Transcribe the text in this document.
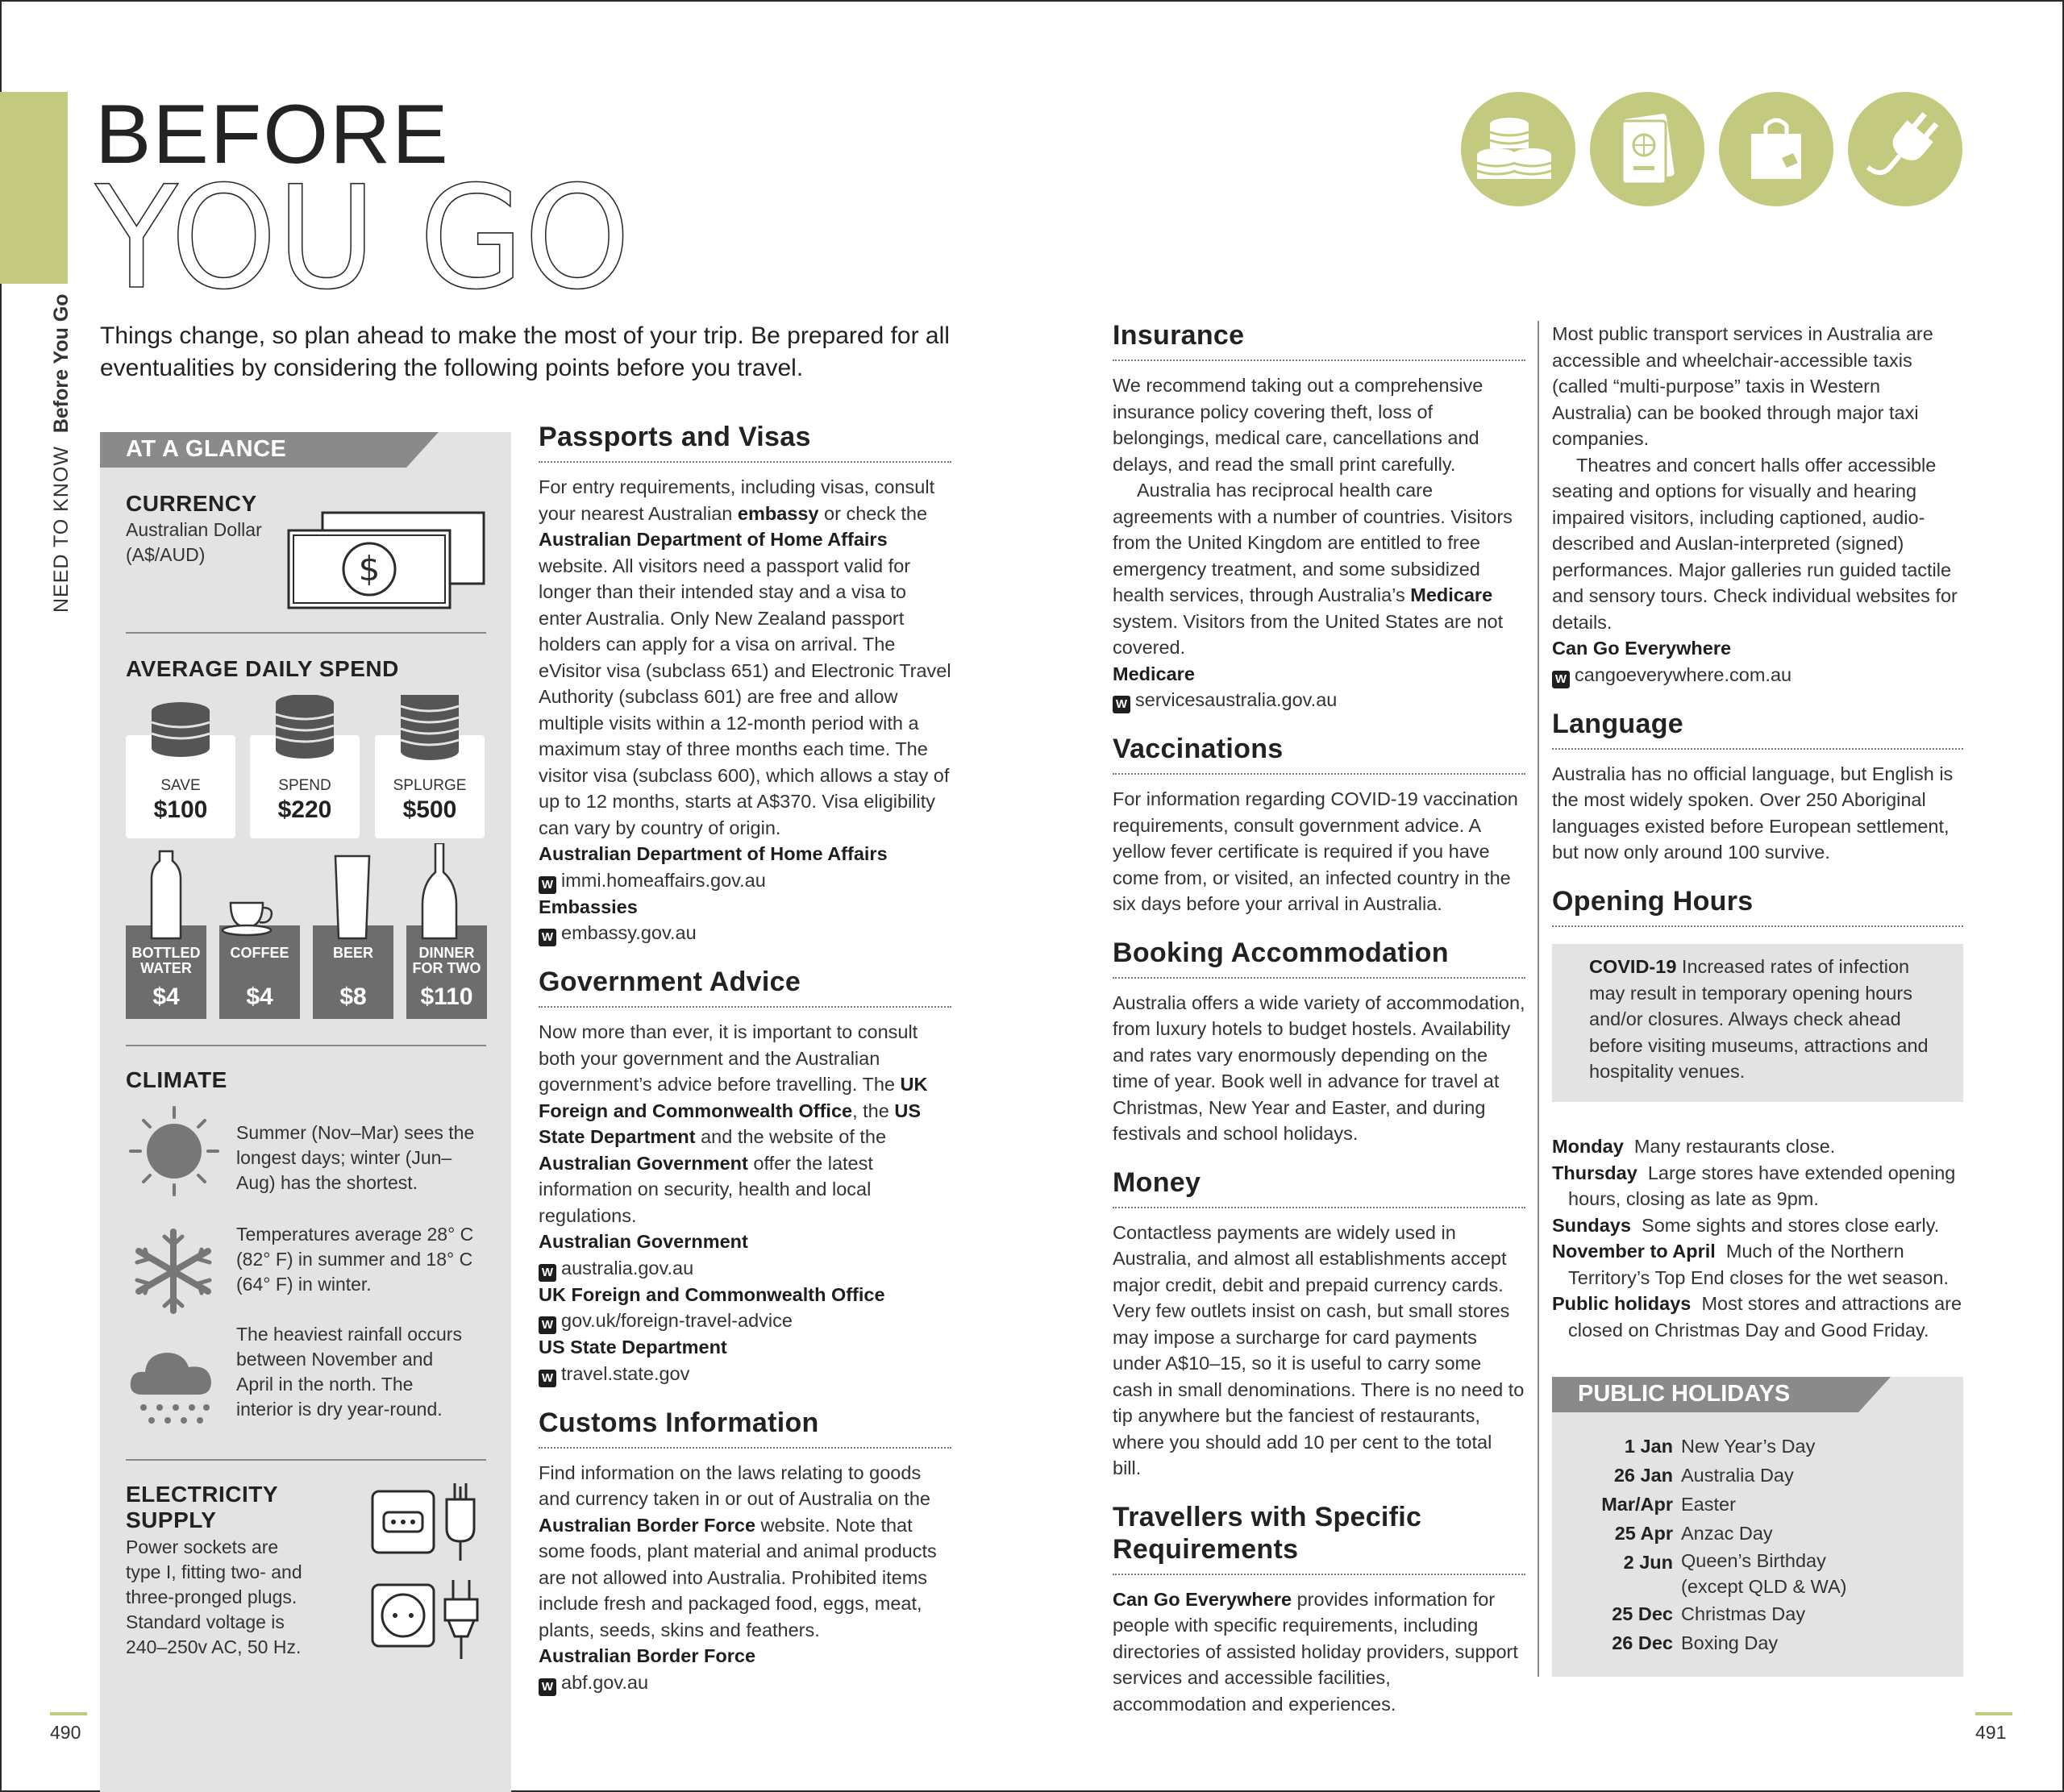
NEED TO KNOW  Before You Go
BEFORE
YOU GO
Things change, so plan ahead to make the most of your trip. Be prepared for all eventualities by considering the following points before you travel.
AT A GLANCE
CURRENCY
Australian Dollar
(A$/AUD)	$
AVERAGE DAILY SPEND
SAVE
$100
SPEND
$220
SPLURGE
$500
BOTTLED
WATER
$4
COFFEE

$4
BEER

$8
DINNER
FOR TWO
$110
CLIMATE
Summer (Nov–Mar) sees the
longest days; winter (Jun–
Aug) has the shortest.
Temperatures average 28° C
(82° F) in summer and 18° C
(64° F) in winter.
The heaviest rainfall occurs
between November and
April in the north. The
interior is dry year-round.
ELECTRICITY
SUPPLY
Power sockets are
type I, fitting two- and
three-pronged plugs.
Standard voltage is
240–250v AC, 50 Hz.
Passports and Visas
For entry requirements, including visas, consult your nearest Australian embassy or check the Australian Department of Home Affairs website. All visitors need a passport valid for longer than their intended stay and a visa to enter Australia. Only New Zealand passport holders can apply for a visa on arrival. The eVisitor visa (subclass 651) and Electronic Travel Authority (subclass 601) are free and allow multiple visits within a 12-month period with a maximum stay of three months each time. The visitor visa (subclass 600), which allows a stay of up to 12 months, starts at A$370. Visa eligibility can vary by country of origin.
Australian Department of Home Affairs
W immi.homeaffairs.gov.au
Embassies
W embassy.gov.au
Government Advice
Now more than ever, it is important to consult both your government and the Australian government’s advice before travelling. The UK Foreign and Commonwealth Office, the US State Department and the website of the Australian Government offer the latest information on security, health and local regulations.
Australian Government
W australia.gov.au
UK Foreign and Commonwealth Office
W gov.uk/foreign-travel-advice
US State Department
W travel.state.gov
Customs Information
Find information on the laws relating to goods and currency taken in or out of Australia on the Australian Border Force website. Note that some foods, plant material and animal products are not allowed into Australia. Prohibited items include fresh and packaged food, eggs, meat, plants, seeds, skins and feathers.
Australian Border Force
W abf.gov.au
Insurance
We recommend taking out a comprehensive insurance policy covering theft, loss of belongings, medical care, cancellations and delays, and read the small print carefully.
Australia has reciprocal health care agreements with a number of countries. Visitors from the United Kingdom are entitled to free emergency treatment, and some subsidized health services, through Australia’s Medicare system. Visitors from the United States are not covered.
Medicare
W servicesaustralia.gov.au
Vaccinations
For information regarding COVID-19 vaccination requirements, consult government advice. A yellow fever certificate is required if you have come from, or visited, an infected country in the six days before your arrival in Australia.
Booking Accommodation
Australia offers a wide variety of accommodation, from luxury hotels to budget hostels. Availability and rates vary enormously depending on the time of year. Book well in advance for travel at Christmas, New Year and Easter, and during festivals and school holidays.
Money
Contactless payments are widely used in Australia, and almost all establishments accept major credit, debit and prepaid currency cards. Very few outlets insist on cash, but small stores may impose a surcharge for card payments under A$10–15, so it is useful to carry some cash in small denominations. There is no need to tip anywhere but the fanciest of restaurants, where you should add 10 per cent to the total bill.
Travellers with Specific
Requirements
Can Go Everywhere provides information for people with specific requirements, including directories of assisted holiday providers, support services and accessible facilities, accommodation and experiences.
Most public transport services in Australia are accessible and wheelchair-accessible taxis (called “multi-purpose” taxis in Western Australia) can be booked through major taxi companies.
Theatres and concert halls offer accessible seating and options for visually and hearing impaired visitors, including captioned, audio-described and Auslan-interpreted (signed) performances. Major galleries run guided tactile and sensory tours. Check individual websites for details.
Can Go Everywhere
W cangoeverywhere.com.au
Language
Australia has no official language, but English is the most widely spoken. Over 250 Aboriginal languages existed before European settlement, but now only around 100 survive.
Opening Hours
COVID-19 Increased rates of infection may result in temporary opening hours and/or closures. Always check ahead before visiting museums, attractions and hospitality venues.
Monday Many restaurants close.
Thursday Large stores have extended opening hours, closing as late as 9pm.
Sundays Some sights and stores close early.
November to April Much of the Northern Territory’s Top End closes for the wet season.
Public holidays Most stores and attractions are closed on Christmas Day and Good Friday.
PUBLIC HOLIDAYS
1 Jan New Year’s Day
26 Jan Australia Day
Mar/Apr Easter
25 Apr Anzac Day
2 Jun Queen’s Birthday
(except QLD & WA)
25 Dec Christmas Day
26 Dec Boxing Day
490	491
